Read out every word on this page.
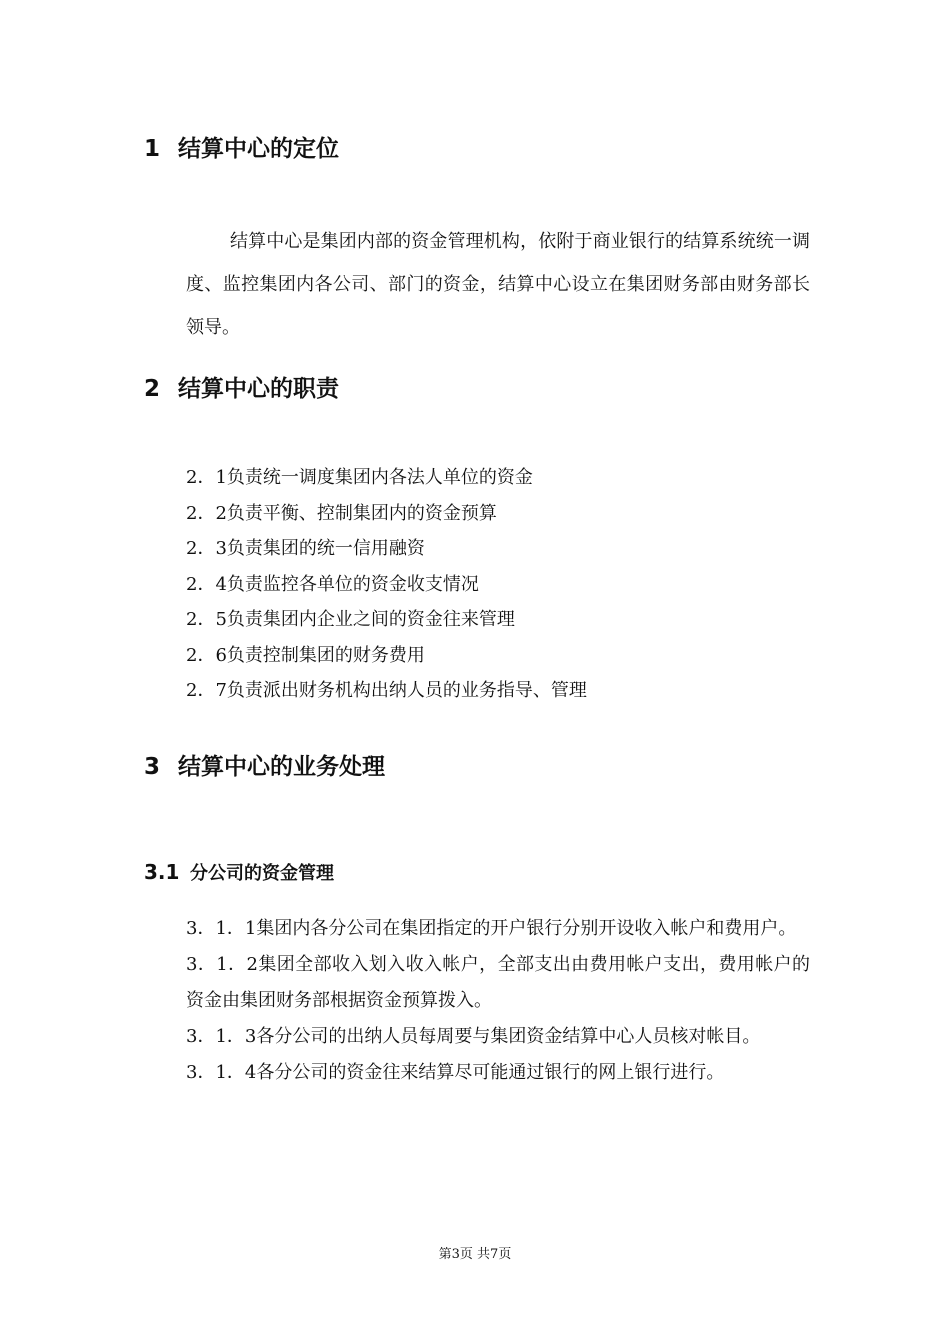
1 结算中心的定位

结算中心是集团内部的资金管理机构，依附于商业银行的结算系统统一调度、监控集团内各公司、部门的资金，结算中心设立在集团财务部由财务部长领导。

2 结算中心的职责
2．1负责统一调度集团内各法人单位的资金
2．2负责平衡、控制集团内的资金预算
2．3负责集团的统一信用融资
2．4负责监控各单位的资金收支情况
2．5负责集团内企业之间的资金往来管理
2．6负责控制集团的财务费用
2．7负责派出财务机构出纳人员的业务指导、管理
3 结算中心的业务处理
3.1 分公司的资金管理
3．1．1集团内各分公司在集团指定的开户银行分别开设收入帐户和费用户。
3．1．2集团全部收入划入收入帐户，全部支出由费用帐户支出，费用帐户的资金由集团财务部根据资金预算拨入。
3．1．3各分公司的出纳人员每周要与集团资金结算中心人员核对帐目。
3．1．4各分公司的资金往来结算尽可能通过银行的网上银行进行。
第3页 共7页
